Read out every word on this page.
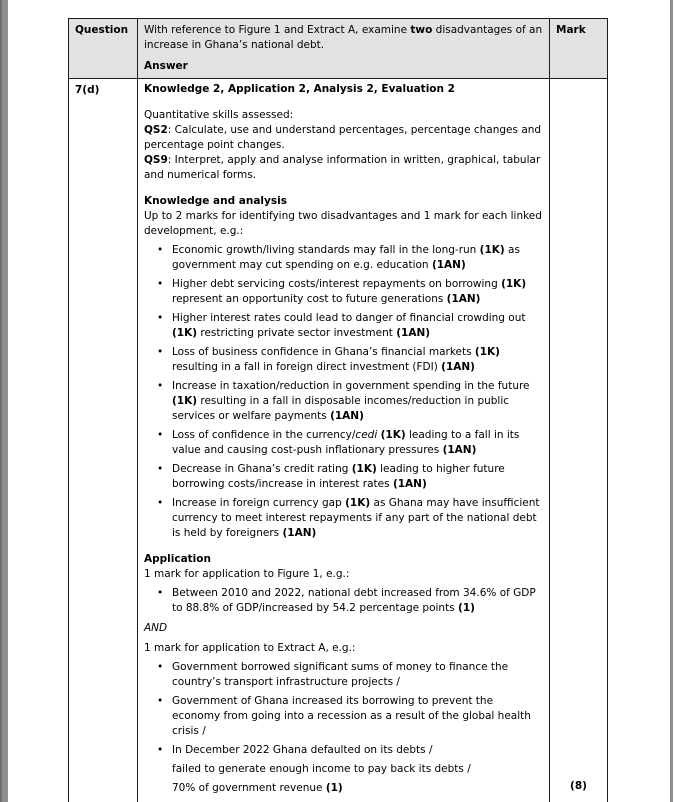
Question	With reference to Figure 1 and Extract A, examine two disadvantages of an increase in Ghana’s national debt.
Answer
Mark
7(d)	Knowledge 2, Application 2, Analysis 2, Evaluation 2
Quantitative skills assessed:
QS2: Calculate, use and understand percentages, percentage changes and percentage point changes.
QS9: Interpret, apply and analyse information in written, graphical, tabular and numerical forms.
Knowledge and analysis
Up to 2 marks for identifying two disadvantages and 1 mark for each linked development, e.g.:
• Economic growth/living standards may fall in the long-run (1K) as government may cut spending on e.g. education (1AN)
• Higher debt servicing costs/interest repayments on borrowing (1K) represent an opportunity cost to future generations (1AN)
• Higher interest rates could lead to danger of financial crowding out (1K) restricting private sector investment (1AN)
• Loss of business confidence in Ghana’s financial markets (1K) resulting in a fall in foreign direct investment (FDI) (1AN)
• Increase in taxation/reduction in government spending in the future (1K) resulting in a fall in disposable incomes/reduction in public services or welfare payments (1AN)
• Loss of confidence in the currency/cedi (1K) leading to a fall in its value and causing cost-push inflationary pressures (1AN)
• Decrease in Ghana’s credit rating (1K) leading to higher future borrowing costs/increase in interest rates (1AN)
• Increase in foreign currency gap (1K) as Ghana may have insufficient currency to meet interest repayments if any part of the national debt is held by foreigners (1AN)
Application
1 mark for application to Figure 1, e.g.:
• Between 2010 and 2022, national debt increased from 34.6% of GDP to 88.8% of GDP/increased by 54.2 percentage points (1)
AND
1 mark for application to Extract A, e.g.:
• Government borrowed significant sums of money to finance the country’s transport infrastructure projects /
• Government of Ghana increased its borrowing to prevent the economy from going into a recession as a result of the global health crisis /
• In December 2022 Ghana defaulted on its debts /
failed to generate enough income to pay back its debts /
70% of government revenue (1)	(8)
